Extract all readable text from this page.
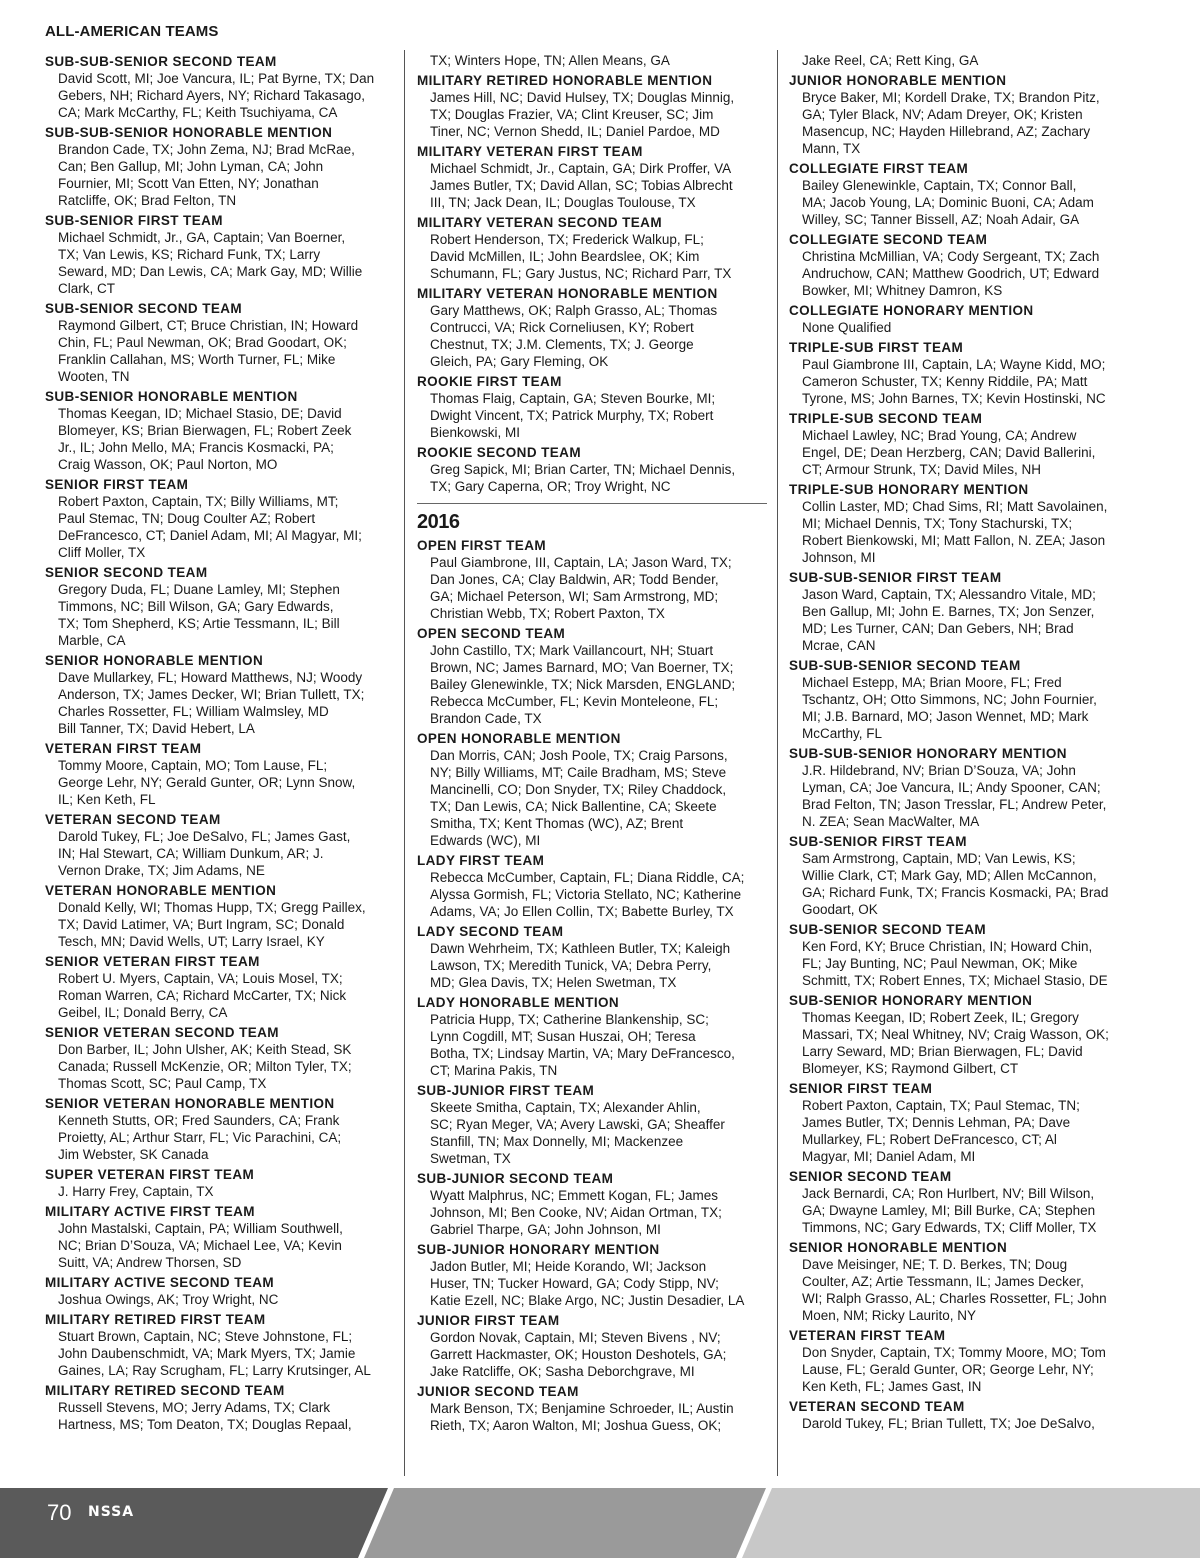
ALL-AMERICAN TEAMS
SUB-SUB-SENIOR SECOND TEAM
David Scott, MI; Joe Vancura, IL; Pat Byrne, TX; Dan
Gebers, NH; Richard Ayers, NY; Richard Takasago,
CA; Mark McCarthy, FL; Keith Tsuchiyama, CA
SUB-SUB-SENIOR HONORABLE MENTION
Brandon Cade, TX; John Zema, NJ; Brad McRae,
Can; Ben Gallup, MI; John Lyman, CA; John
Fournier, MI; Scott Van Etten, NY; Jonathan
Ratcliffe, OK; Brad Felton, TN
SUB-SENIOR FIRST TEAM
Michael Schmidt, Jr., GA, Captain; Van Boerner,
TX; Van Lewis, KS; Richard Funk, TX; Larry
Seward, MD; Dan Lewis, CA; Mark Gay, MD; Willie
Clark, CT
SUB-SENIOR SECOND TEAM
Raymond Gilbert, CT; Bruce Christian, IN; Howard
Chin, FL; Paul Newman, OK; Brad Goodart, OK;
Franklin Callahan, MS; Worth Turner, FL; Mike
Wooten, TN
SUB-SENIOR HONORABLE MENTION
Thomas Keegan, ID; Michael Stasio, DE; David
Blomeyer, KS; Brian Bierwagen, FL; Robert Zeek
Jr., IL; John Mello, MA; Francis Kosmacki, PA;
Craig Wasson, OK; Paul Norton, MO
SENIOR FIRST TEAM
Robert Paxton, Captain, TX; Billy Williams, MT;
Paul Stemac, TN; Doug Coulter AZ; Robert
DeFrancesco, CT; Daniel Adam, MI; Al Magyar, MI;
Cliff Moller, TX
SENIOR SECOND TEAM
Gregory Duda, FL; Duane Lamley, MI; Stephen
Timmons, NC; Bill Wilson, GA; Gary Edwards,
TX; Tom Shepherd, KS; Artie Tessmann, IL; Bill
Marble, CA
SENIOR HONORABLE MENTION
Dave Mullarkey, FL; Howard Matthews, NJ; Woody
Anderson, TX; James Decker, WI; Brian Tullett, TX;
Charles Rossetter, FL; William Walmsley, MD
Bill Tanner, TX; David Hebert, LA
VETERAN FIRST TEAM
Tommy Moore, Captain, MO; Tom Lause, FL;
George Lehr, NY; Gerald Gunter, OR; Lynn Snow,
IL; Ken Keth, FL
VETERAN SECOND TEAM
Darold Tukey, FL; Joe DeSalvo, FL; James Gast,
IN; Hal Stewart, CA; William Dunkum, AR; J.
Vernon Drake, TX; Jim Adams, NE
VETERAN HONORABLE MENTION
Donald Kelly, WI; Thomas Hupp, TX; Gregg Paillex,
TX; David Latimer, VA; Burt Ingram, SC; Donald
Tesch, MN; David Wells, UT; Larry Israel, KY
SENIOR VETERAN FIRST TEAM
Robert U. Myers, Captain, VA; Louis Mosel, TX;
Roman Warren, CA; Richard McCarter, TX; Nick
Geibel, IL; Donald Berry, CA
SENIOR VETERAN SECOND TEAM
Don Barber, IL; John Ulsher, AK; Keith Stead, SK
Canada; Russell McKenzie, OR; Milton Tyler, TX;
Thomas Scott, SC; Paul Camp, TX
SENIOR VETERAN HONORABLE MENTION
Kenneth Stutts, OR; Fred Saunders, CA; Frank
Proietty, AL; Arthur Starr, FL; Vic Parachini, CA;
Jim Webster, SK Canada
SUPER VETERAN FIRST TEAM
J. Harry Frey, Captain, TX
MILITARY ACTIVE FIRST TEAM
John Mastalski, Captain, PA; William Southwell,
NC; Brian D’Souza, VA; Michael Lee, VA; Kevin
Suitt, VA; Andrew Thorsen, SD
MILITARY ACTIVE SECOND TEAM
Joshua Owings, AK; Troy Wright, NC
MILITARY RETIRED FIRST TEAM
Stuart Brown, Captain, NC; Steve Johnstone, FL;
John Daubenschmidt, VA; Mark Myers, TX; Jamie
Gaines, LA; Ray Scrugham, FL; Larry Krutsinger, AL
MILITARY RETIRED SECOND TEAM
Russell Stevens, MO; Jerry Adams, TX; Clark
Hartness, MS; Tom Deaton, TX; Douglas Repaal,
TX; Winters Hope, TN; Allen Means, GA
MILITARY RETIRED HONORABLE MENTION
James Hill, NC; David Hulsey, TX; Douglas Minnig,
TX; Douglas Frazier, VA; Clint Kreuser, SC; Jim
Tiner, NC; Vernon Shedd, IL; Daniel Pardoe, MD
MILITARY VETERAN FIRST TEAM
Michael Schmidt, Jr., Captain, GA; Dirk Proffer, VA
James Butler, TX; David Allan, SC; Tobias Albrecht
III, TN; Jack Dean, IL; Douglas Toulouse, TX
MILITARY VETERAN SECOND TEAM
Robert Henderson, TX; Frederick Walkup, FL;
David McMillen, IL; John Beardslee, OK; Kim
Schumann, FL; Gary Justus, NC; Richard Parr, TX
MILITARY VETERAN HONORABLE MENTION
Gary Matthews, OK; Ralph Grasso, AL; Thomas
Contrucci, VA; Rick Corneliusen, KY; Robert
Chestnut, TX; J.M. Clements, TX; J. George
Gleich, PA; Gary Fleming, OK
ROOKIE FIRST TEAM
Thomas Flaig, Captain, GA; Steven Bourke, MI;
Dwight Vincent, TX; Patrick Murphy, TX; Robert
Bienkowski, MI
ROOKIE SECOND TEAM
Greg Sapick, MI; Brian Carter, TN; Michael Dennis,
TX; Gary Caperna, OR; Troy Wright, NC
2016
OPEN FIRST TEAM
Paul Giambrone, III, Captain, LA; Jason Ward, TX;
Dan Jones, CA; Clay Baldwin, AR; Todd Bender,
GA; Michael Peterson, WI; Sam Armstrong, MD;
Christian Webb, TX; Robert Paxton, TX
OPEN SECOND TEAM
John Castillo, TX; Mark Vaillancourt, NH; Stuart
Brown, NC; James Barnard, MO; Van Boerner, TX;
Bailey Glenewinkle, TX; Nick Marsden, ENGLAND;
Rebecca McCumber, FL; Kevin Monteleone, FL;
Brandon Cade, TX
OPEN HONORABLE MENTION
Dan Morris, CAN; Josh Poole, TX; Craig Parsons,
NY; Billy Williams, MT; Caile Bradham, MS; Steve
Mancinelli, CO; Don Snyder, TX; Riley Chaddock,
TX; Dan Lewis, CA; Nick Ballentine, CA; Skeete
Smitha, TX; Kent Thomas (WC), AZ; Brent
Edwards (WC), MI
LADY FIRST TEAM
Rebecca McCumber, Captain, FL; Diana Riddle, CA;
Alyssa Gormish, FL; Victoria Stellato, NC; Katherine
Adams, VA; Jo Ellen Collin, TX; Babette Burley, TX
LADY SECOND TEAM
Dawn Wehrheim, TX; Kathleen Butler, TX; Kaleigh
Lawson, TX; Meredith Tunick, VA; Debra Perry,
MD; Glea Davis, TX; Helen Swetman, TX
LADY HONORABLE MENTION
Patricia Hupp, TX; Catherine Blankenship, SC;
Lynn Cogdill, MT; Susan Huszai, OH; Teresa
Botha, TX; Lindsay Martin, VA; Mary DeFrancesco,
CT; Marina Pakis, TN
SUB-JUNIOR FIRST TEAM
Skeete Smitha, Captain, TX; Alexander Ahlin,
SC; Ryan Meger, VA; Avery Lawski, GA; Sheaffer
Stanfill, TN; Max Donnelly, MI; Mackenzee
Swetman, TX
SUB-JUNIOR SECOND TEAM
Wyatt Malphrus, NC; Emmett Kogan, FL; James
Johnson, MI; Ben Cooke, NV; Aidan Ortman, TX;
Gabriel Tharpe, GA; John Johnson, MI
SUB-JUNIOR HONORARY MENTION
Jadon Butler, MI; Heide Korando, WI; Jackson
Huser, TN; Tucker Howard, GA; Cody Stipp, NV;
Katie Ezell, NC; Blake Argo, NC; Justin Desadier, LA
JUNIOR FIRST TEAM
Gordon Novak, Captain, MI; Steven Bivens , NV;
Garrett Hackmaster, OK; Houston Deshotels, GA;
Jake Ratcliffe, OK; Sasha Deborchgrave, MI
JUNIOR SECOND TEAM
Mark Benson, TX; Benjamine Schroeder, IL; Austin
Rieth, TX; Aaron Walton, MI; Joshua Guess, OK;
Jake Reel, CA; Rett King, GA
JUNIOR HONORABLE MENTION
Bryce Baker, MI; Kordell Drake, TX; Brandon Pitz,
GA; Tyler Black, NV; Adam Dreyer, OK; Kristen
Masencup, NC; Hayden Hillebrand, AZ; Zachary
Mann, TX
COLLEGIATE FIRST TEAM
Bailey Glenewinkle, Captain, TX; Connor Ball,
MA; Jacob Young, LA; Dominic Buoni, CA; Adam
Willey, SC; Tanner Bissell, AZ; Noah Adair, GA
COLLEGIATE SECOND TEAM
Christina McMillian, VA; Cody Sergeant, TX; Zach
Andruchow, CAN; Matthew Goodrich, UT; Edward
Bowker, MI; Whitney Damron, KS
COLLEGIATE HONORARY MENTION
None Qualified
TRIPLE-SUB FIRST TEAM
Paul Giambrone III, Captain, LA; Wayne Kidd, MO;
Cameron Schuster, TX; Kenny Riddile, PA; Matt
Tyrone, MS; John Barnes, TX; Kevin Hostinski, NC
TRIPLE-SUB SECOND TEAM
Michael Lawley, NC; Brad Young, CA; Andrew
Engel, DE; Dean Herzberg, CAN; David Ballerini,
CT; Armour Strunk, TX; David Miles, NH
TRIPLE-SUB HONORARY MENTION
Collin Laster, MD; Chad Sims, RI; Matt Savolainen,
MI; Michael Dennis, TX; Tony Stachurski, TX;
Robert Bienkowski, MI; Matt Fallon, N. ZEA; Jason
Johnson, MI
SUB-SUB-SENIOR FIRST TEAM
Jason Ward, Captain, TX; Alessandro Vitale, MD;
Ben Gallup, MI; John E. Barnes, TX; Jon Senzer,
MD; Les Turner, CAN; Dan Gebers, NH; Brad
Mcrae, CAN
SUB-SUB-SENIOR SECOND TEAM
Michael Estepp, MA; Brian Moore, FL; Fred
Tschantz, OH; Otto Simmons, NC; John Fournier,
MI; J.B. Barnard, MO; Jason Wennet, MD; Mark
McCarthy, FL
SUB-SUB-SENIOR HONORARY MENTION
J.R. Hildebrand, NV; Brian D’Souza, VA; John
Lyman, CA; Joe Vancura, IL; Andy Spooner, CAN;
Brad Felton, TN; Jason Tresslar, FL; Andrew Peter,
N. ZEA; Sean MacWalter, MA
SUB-SENIOR FIRST TEAM
Sam Armstrong, Captain, MD; Van Lewis, KS;
Willie Clark, CT; Mark Gay, MD; Allen McCannon,
GA; Richard Funk, TX; Francis Kosmacki, PA; Brad
Goodart, OK
SUB-SENIOR SECOND TEAM
Ken Ford, KY; Bruce Christian, IN; Howard Chin,
FL; Jay Bunting, NC; Paul Newman, OK; Mike
Schmitt, TX; Robert Ennes, TX; Michael Stasio, DE
SUB-SENIOR HONORARY MENTION
Thomas Keegan, ID; Robert Zeek, IL; Gregory
Massari, TX; Neal Whitney, NV; Craig Wasson, OK;
Larry Seward, MD; Brian Bierwagen, FL; David
Blomeyer, KS; Raymond Gilbert, CT
SENIOR FIRST TEAM
Robert Paxton, Captain, TX; Paul Stemac, TN;
James Butler, TX; Dennis Lehman, PA; Dave
Mullarkey, FL; Robert DeFrancesco, CT; Al
Magyar, MI; Daniel Adam, MI
SENIOR SECOND TEAM
Jack Bernardi, CA; Ron Hurlbert, NV; Bill Wilson,
GA; Dwayne Lamley, MI; Bill Burke, CA; Stephen
Timmons, NC; Gary Edwards, TX; Cliff Moller, TX
SENIOR HONORABLE MENTION
Dave Meisinger, NE; T. D. Berkes, TN; Doug
Coulter, AZ; Artie Tessmann, IL; James Decker,
WI; Ralph Grasso, AL; Charles Rossetter, FL; John
Moen, NM; Ricky Laurito, NY
VETERAN FIRST TEAM
Don Snyder, Captain, TX; Tommy Moore, MO; Tom
Lause, FL; Gerald Gunter, OR; George Lehr, NY;
Ken Keth, FL; James Gast, IN
VETERAN SECOND TEAM
Darold Tukey, FL; Brian Tullett, TX; Joe DeSalvo,
70 NSSA
